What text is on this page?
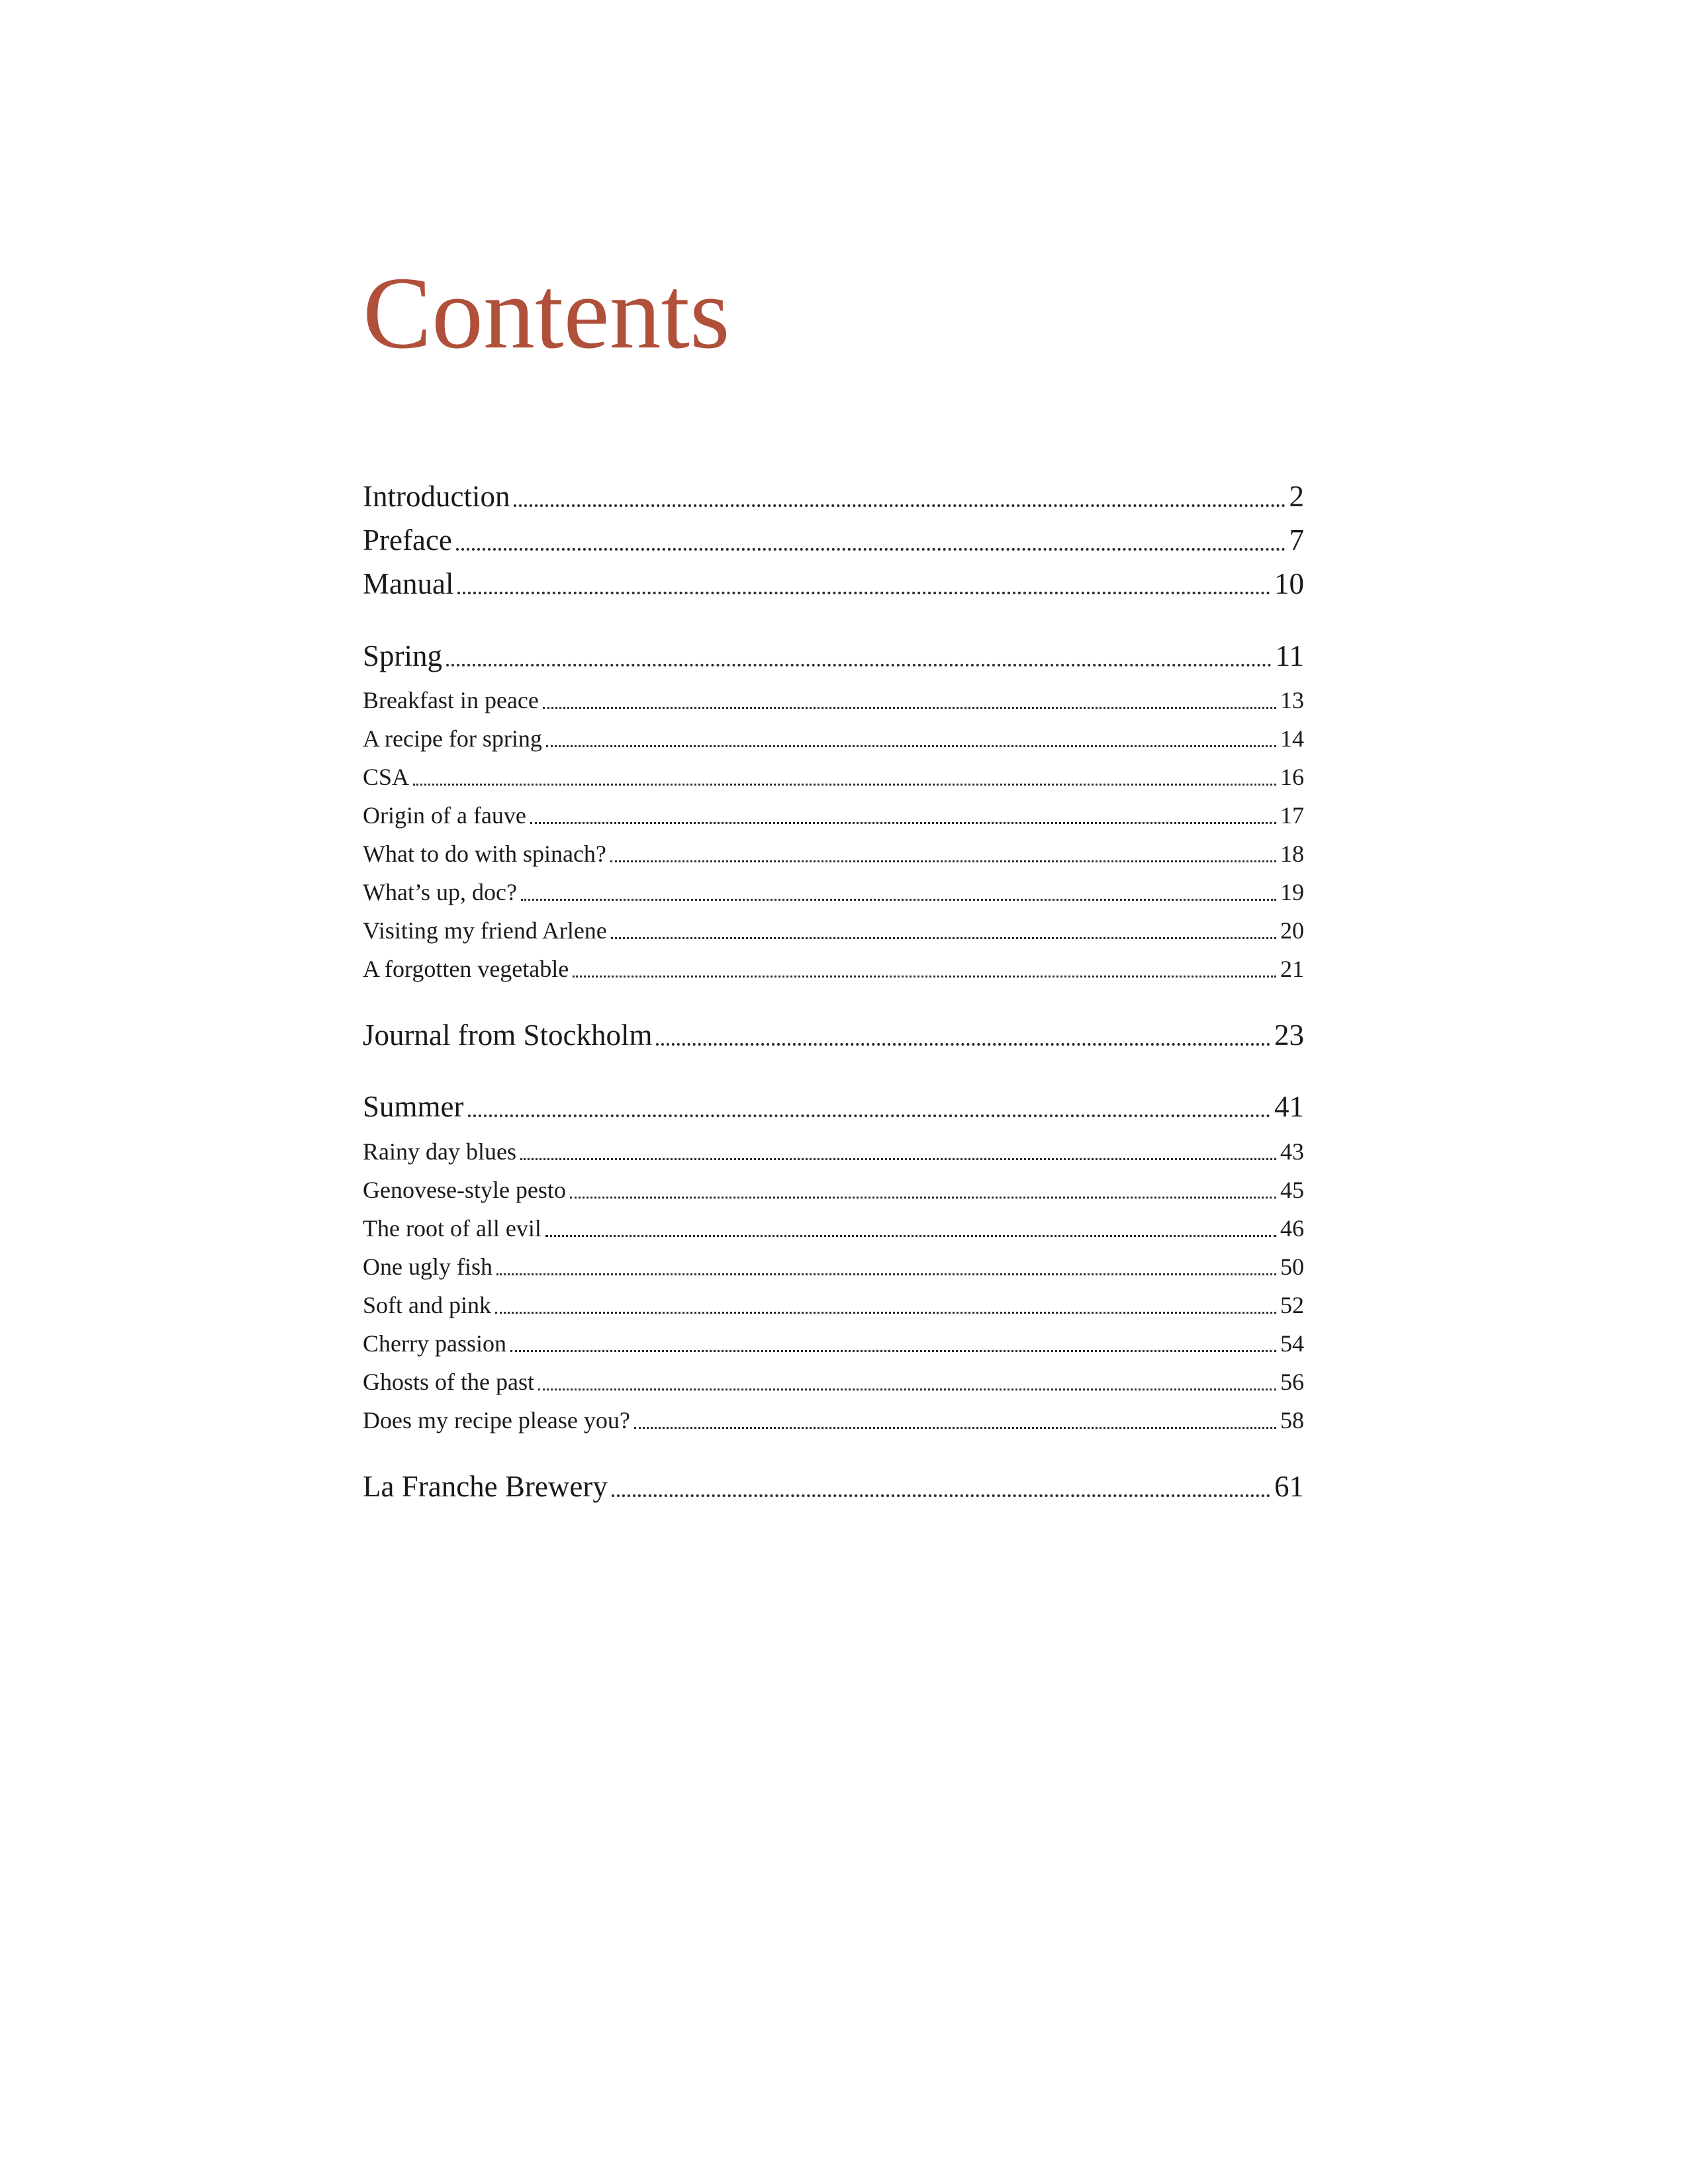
Contents
Introduction	2
Preface	7
Manual	10
Spring	11
Breakfast in peace	13
A recipe for spring	14
CSA	16
Origin of a fauve	17
What to do with spinach?	18
What’s up, doc?	19
Visiting my friend Arlene	20
A forgotten vegetable	21
Journal from Stockholm	23
Summer	41
Rainy day blues	43
Genovese-style pesto	45
The root of all evil	46
One ugly fish	50
Soft and pink	52
Cherry passion	54
Ghosts of the past	56
Does my recipe please you?	58
La Franche Brewery	61
